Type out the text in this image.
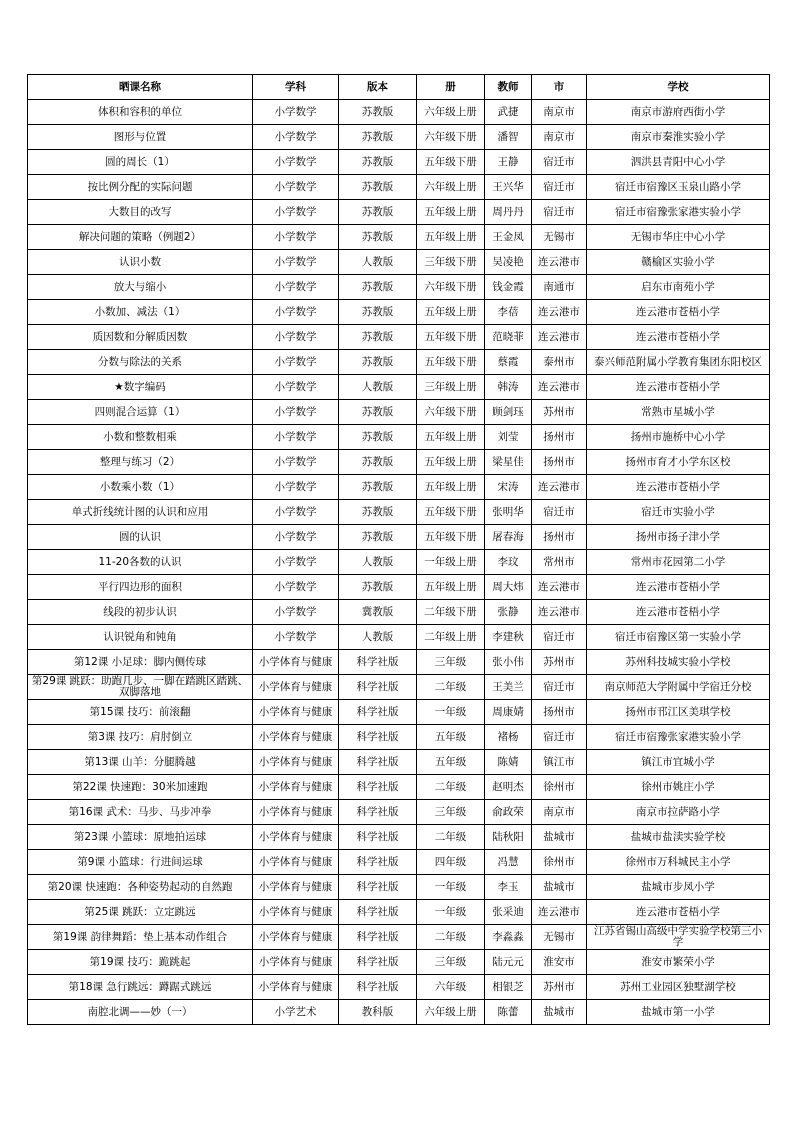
晒课名称	学科	版本	册	教师	市	学校
体积和容积的单位	小学数学	苏教版	六年级上册	武捷	南京市	南京市游府西街小学
图形与位置	小学数学	苏教版	六年级下册	潘智	南京市	南京市秦淮实验小学
圆的周长（1）	小学数学	苏教版	五年级下册	王静	宿迁市	泗洪县青阳中心小学
按比例分配的实际问题	小学数学	苏教版	六年级上册	王兴华	宿迁市	宿迁市宿豫区玉泉山路小学
大数目的改写	小学数学	苏教版	五年级上册	周丹丹	宿迁市	宿迁市宿豫张家港实验小学
解决问题的策略（例题2）	小学数学	苏教版	五年级上册	王金凤	无锡市	无锡市华庄中心小学
认识小数	小学数学	人教版	三年级下册	吴凌艳	连云港市	赣榆区实验小学
放大与缩小	小学数学	苏教版	六年级下册	钱金霞	南通市	启东市南苑小学
小数加、减法（1）	小学数学	苏教版	五年级上册	李蓓	连云港市	连云港市苍梧小学
质因数和分解质因数	小学数学	苏教版	五年级下册	范晓菲	连云港市	连云港市苍梧小学
分数与除法的关系	小学数学	苏教版	五年级下册	蔡霞	泰州市	泰兴师范附属小学教育集团东阳校区
★数字编码	小学数学	人教版	三年级上册	韩涛	连云港市	连云港市苍梧小学
四则混合运算（1）	小学数学	苏教版	六年级下册	顾剑珏	苏州市	常熟市星城小学
小数和整数相乘	小学数学	苏教版	五年级上册	刘莹	扬州市	扬州市施桥中心小学
整理与练习（2）	小学数学	苏教版	五年级上册	梁星佳	扬州市	扬州市育才小学东区校
小数乘小数（1）	小学数学	苏教版	五年级上册	宋涛	连云港市	连云港市苍梧小学
单式折线统计图的认识和应用	小学数学	苏教版	五年级下册	张明华	宿迁市	宿迁市实验小学
圆的认识	小学数学	苏教版	五年级下册	屠春海	扬州市	扬州市扬子津小学
11-20各数的认识	小学数学	人教版	一年级上册	李玟	常州市	常州市花园第二小学
平行四边形的面积	小学数学	苏教版	五年级上册	周大炜	连云港市	连云港市苍梧小学
线段的初步认识	小学数学	冀教版	二年级下册	张静	连云港市	连云港市苍梧小学
认识锐角和钝角	小学数学	人教版	二年级上册	李建秋	宿迁市	宿迁市宿豫区第一实验小学
第12课 小足球：脚内侧传球	小学体育与健康	科学社版	三年级	张小伟	苏州市	苏州科技城实验小学校
第29课 跳跃：助跑几步、一脚在踏跳区踏跳、双脚落地	小学体育与健康	科学社版	二年级	王美兰	宿迁市	南京师范大学附属中学宿迁分校
第15课 技巧：前滚翻	小学体育与健康	科学社版	一年级	周康婧	扬州市	扬州市邗江区美琪学校
第3课 技巧：肩肘倒立	小学体育与健康	科学社版	五年级	褚杨	宿迁市	宿迁市宿豫张家港实验小学
第13课 山羊：分腿腾越	小学体育与健康	科学社版	五年级	陈婧	镇江市	镇江市宜城小学
第22课 快速跑：30米加速跑	小学体育与健康	科学社版	二年级	赵明杰	徐州市	徐州市姚庄小学
第16课 武术：马步、马步冲拳	小学体育与健康	科学社版	三年级	俞政荣	南京市	南京市拉萨路小学
第23课 小篮球：原地拍运球	小学体育与健康	科学社版	二年级	陆秋阳	盐城市	盐城市盐渎实验学校
第9课 小篮球：行进间运球	小学体育与健康	科学社版	四年级	冯慧	徐州市	徐州市万科城民主小学
第20课 快速跑：各种姿势起动的自然跑	小学体育与健康	科学社版	一年级	李玉	盐城市	盐城市步凤小学
第25课 跳跃：立定跳远	小学体育与健康	科学社版	一年级	张采迪	连云港市	连云港市苍梧小学
第19课 韵律舞蹈：垫上基本动作组合	小学体育与健康	科学社版	二年级	李淼淼	无锡市	江苏省锡山高级中学实验学校第三小学
第19课 技巧：跪跳起	小学体育与健康	科学社版	三年级	陆元元	淮安市	淮安市繁荣小学
第18课 急行跳远：蹲踞式跳远	小学体育与健康	科学社版	六年级	相银芝	苏州市	苏州工业园区独墅湖学校
南腔北调——妙（一）	小学艺术	教科版	六年级上册	陈蕾	盐城市	盐城市第一小学
